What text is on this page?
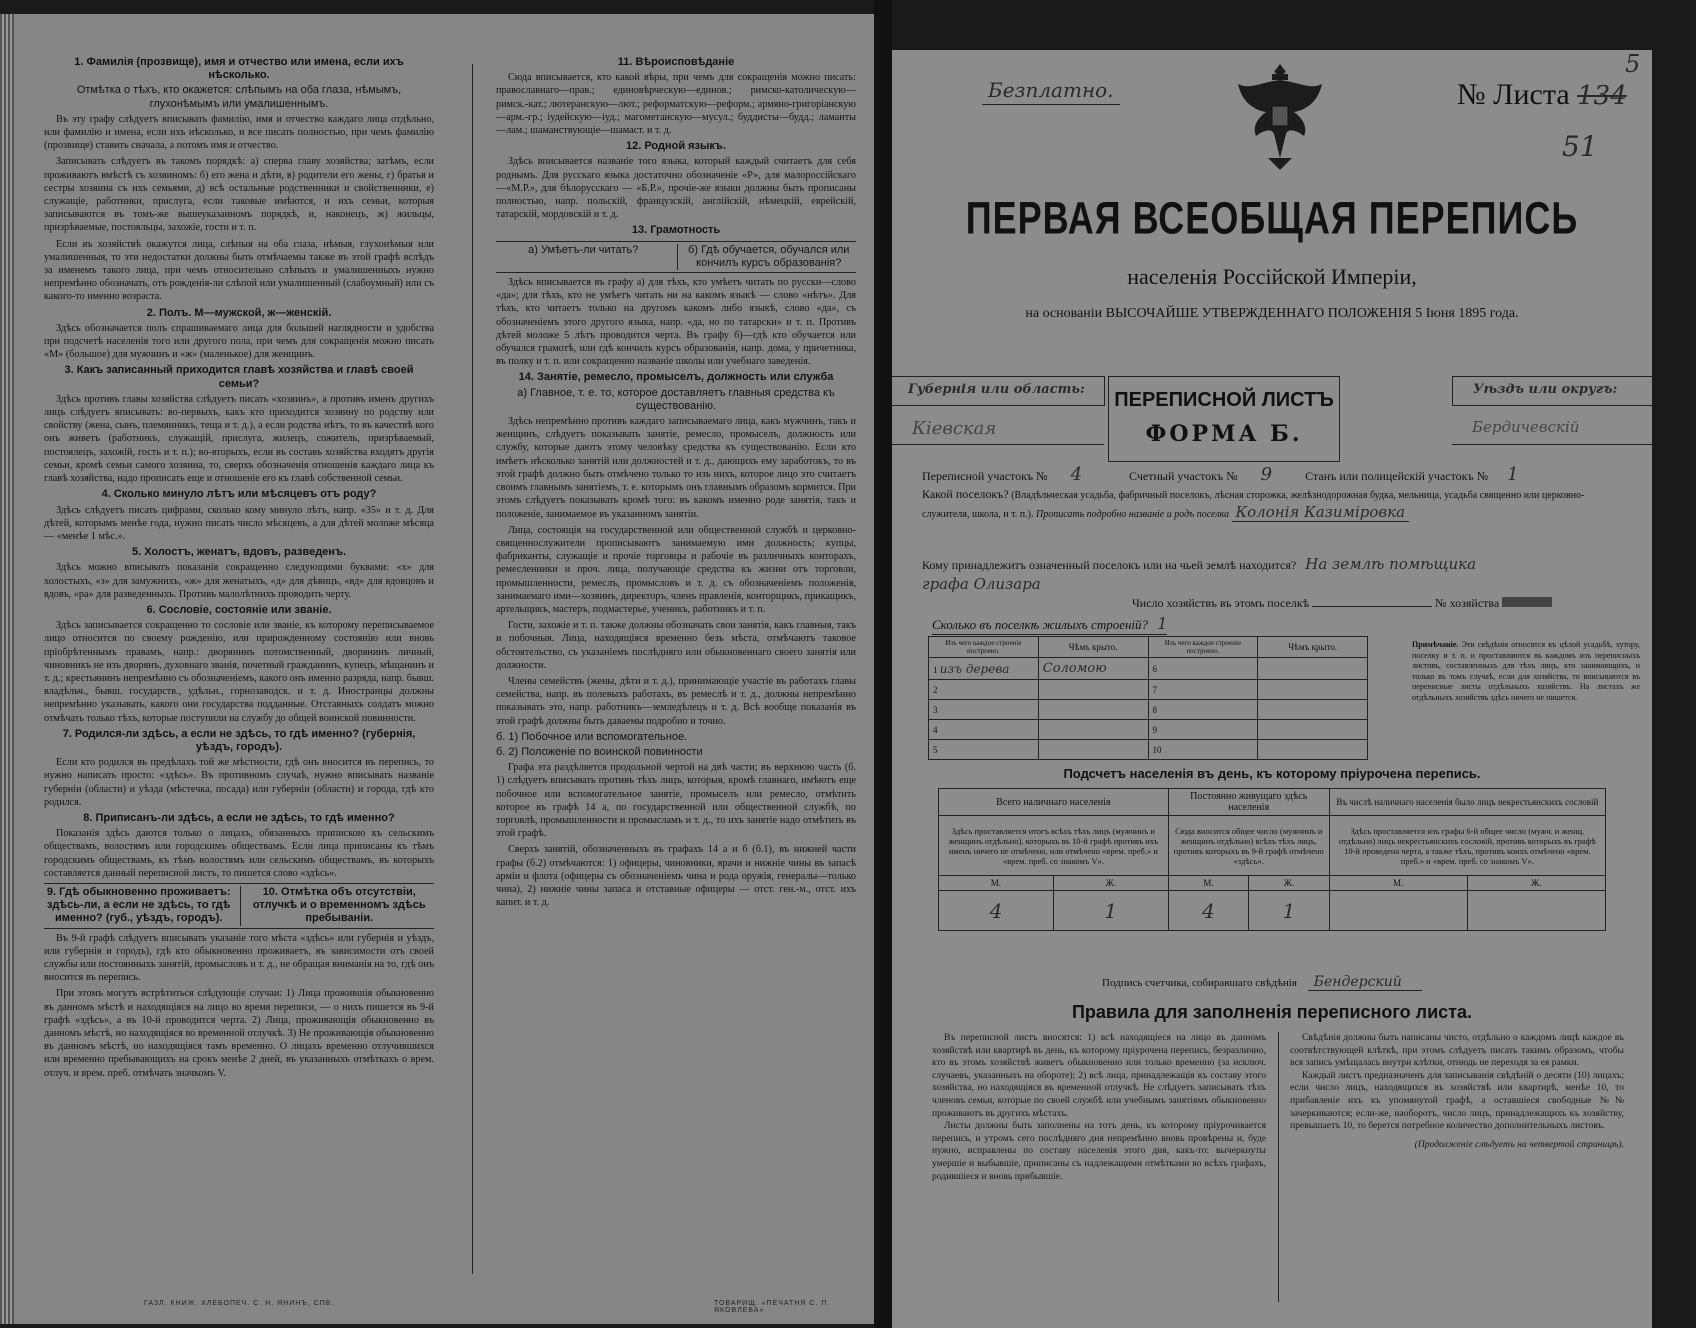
1. Фамилія (прозвище), имя и отчество или имена, если ихъ нѣсколько.
Отмѣтка о тѣхъ, кто окажется: слѣпымъ на оба глаза, нѣмымъ, глухонѣмымъ или умалишеннымъ.

Въ эту графу слѣдуетъ вписывать фамилію, имя и отчество каждаго лица отдѣльно, или фамилію и имена, если ихъ нѣсколько, и все писать полностью, при чемъ фамилію (прозвище) ставить сначала, а потомъ имя и отчество.

Записывать слѣдуетъ въ такомъ порядкѣ: а) сперва главу хозяйства; затѣмъ, если проживаютъ вмѣстѣ съ хозяиномъ: б) его жена и дѣти, в) родители его жены, г) братья и сестры хозяина съ ихъ семьями, д) всѣ остальные родственники и свойственники, е) служащіе, работники, прислуга, если таковые имѣются, и ихъ семьи, которыя записываются въ томъ-же вышеуказанномъ порядкѣ, и, наконецъ, ж) жильцы, призрѣваемые, постояльцы, захожіе, гости и т. п.

Если въ хозяйствѣ окажутся лица, слѣпыя на оба глаза, нѣмыя, глухонѣмыя или умалишенныя, то эти недостатки должны быть отмѣчаемы также въ этой графѣ вслѣдъ за именемъ такого лица, при чемъ относительно слѣпыхъ и умалишенныхъ нужно непремѣнно обозначать, отъ рожденія-ли слѣпой или умалишенный (слабоумный) или съ какого-то именно возраста.

2. Полъ. М—мужской, ж—женскій.

Здѣсь обозначается полъ спрашиваемаго лица для большей наглядности и удобства при подсчетѣ населенія того или другого пола, при чемъ для сокращенія можно писать «М» (большое) для мужчинъ и «ж» (маленькое) для женщинъ.

3. Какъ записанный приходится главѣ хозяйства и главѣ своей семьи?

Здѣсь противъ главы хозяйства слѣдуетъ писать «хозяинъ», а противъ именъ другихъ лицъ слѣдуетъ вписывать: во-первыхъ, какъ кто приходится хозяину по родству или свойству (жена, сынъ, племянникъ, теща и т. д.), а если родства нѣтъ, то въ качествѣ кого онъ живетъ (работникъ, служащій, прислуга, жилецъ, сожитель, призрѣваемый, постоялецъ, захожій, гость и т. п.); во-вторыхъ, если въ составъ хозяйства входятъ другія семьи, кромѣ семьи самого хозяина, то, сверхъ обозначенія отношенія каждаго лица къ главѣ хозяйства, надо прописать еще и отношеніе его къ главѣ собственной семьи.

4. Сколько минуло лѣтъ или мѣсяцевъ отъ роду?

Здѣсь слѣдуетъ писать цифрами, сколько кому минуло лѣтъ, напр. «35» и т. д. Для дѣтей, которымъ менѣе года, нужно писать число мѣсяцевъ, а для дѣтей моложе мѣсяца — «менѣе 1 мѣс.».

5. Холостъ, женатъ, вдовъ, разведенъ.

Здѣсь можно вписывать показанія сокращенно следующими буквами: «х» для холостыхъ, «з» для замужнихъ, «ж» для женатыхъ, «д» для дѣвицъ, «вд» для вдовцовъ и вдовъ, «ра» для разведенныхъ. Противъ малолѣтнихъ проводить черту.

6. Сословіе, состояніе или званіе.

Здѣсь записывается сокращенно то сословіе или званіе, къ которому переписываемое лицо относится по своему рожденію, или прирожденному состоянію или вновь пріобрѣтеннымъ правамъ, напр.: дворянинъ потомственный, дворянинъ личный, чиновникъ не изъ дворянъ, духовнаго званія, почетный гражданинъ, купецъ, мѣщанинъ и т. д.; крестьянинъ непремѣнно съ обозначеніемъ, какого онъ именно разряда, напр. бывш. владѣльч., бывш. государств., удѣльн., горнозаводск. и т. д. Иностранцы должны непремѣнно указывать, какого они государства подданные. Отставныхъ солдатъ можно отмѣчать только тѣхъ, которые поступили на службу до общей воинской повинности.

7. Родился-ли здѣсь, а если не здѣсь, то гдѣ именно? (губернія, уѣздъ, городъ).

Если кто родился въ предѣлахъ той же мѣстности, гдѣ онъ вносится въ перепись, то нужно написать просто: «здѣсь». Въ противномъ случаѣ, нужно вписывать названіе губерніи (области) и уѣзда (мѣстечка, посада) или губерніи (области) и города, гдѣ кто родился.

8. Приписанъ-ли здѣсь, а если не здѣсь, то гдѣ именно?

Показанія здѣсь даются только о лицахъ, обязанныхъ припискою къ сельскимъ обществамъ, волостямъ или городскимъ обществамъ. Если лица приписаны къ тѣмъ городскимъ обществамъ, къ тѣмъ волостямъ или сельскимъ обществамъ, въ которыхъ составляется данный переписной листъ, то пишется слово «здѣсь».

9. Гдѣ обыкновенно проживаетъ: здѣсь-ли, а если не здѣсь, то гдѣ именно? (губ., уѣздъ, городъ).
10. Отмѣтка объ отсутствіи, отлучкѣ и о временномъ здѣсь пребываніи.

Въ 9-й графѣ слѣдуетъ вписывать указаніе того мѣста «здѣсь» или губернія и уѣздъ, или губернія и городъ), гдѣ кто обыкновенно проживаетъ, въ зависимости отъ своей службы или постоянныхъ занятій, промысловъ и т. д., не обращая вниманія на то, гдѣ онъ вносится въ перепись.

При этомъ могутъ встрѣтиться слѣдующіе случаи: 1) Лица прожившія обыкновенно въ данномъ мѣстѣ и находящіяся на лицо во время переписи, — о нихъ пишется въ 9-й графѣ «здѣсь», а въ 10-й проводится черта. 2) Лица, проживающія обыкновенно въ данномъ мѣстѣ, но находящіяся во временной отлучкѣ. 3) Не проживающія обыкновенно въ данномъ мѣстѣ, но находящіяся тамъ временно. О лицахъ временно отлучившихся или временно пребывающихъ на срокъ менѣе 2 дней, въ указанныхъ отмѣткахъ о врем. отлуч. и врем. преб. отмѣчать значкомъ V.

11. Вѣроисповѣданіе

Сюда вписывается, кто какой вѣры, при чемъ для сокращенія можно писать: православнаго—прав.; единовѣрческую—единов.; римско-католическую—римск.-кат.; лютеранскую—лют.; реформатскую—реформ.; армяно-григоріанскую—арм.-гр.; іудейскую—іуд.; магометанскую—мусул.; буддисты—будд.; ламаиты—лам.; шаманствующіе—шамаст. и т. д.

12. Родной языкъ.

Здѣсь вписывается названіе того языка, который каждый считаетъ для себя роднымъ. Для русскаго языка достаточно обозначеніе «Р», для малороссійскаго—«М.Р.», для бѣлорусскаго — «Б.Р.», прочіе-же языки должны быть прописаны полностью, напр. польскій, французскій, англійскій, нѣмецкій, еврейскій, татарскій, мордовскій и т. д.

13. Грамотность
а) Умѣетъ-ли читать?	б) Гдѣ обучается, обучался или кончилъ курсъ образованія?

Здѣсь вписывается въ графу а) для тѣхъ, кто умѣетъ читать по русски—слово «да»; для тѣхъ, кто не умѣетъ читать ни на какомъ языкѣ — слово «нѣтъ». Для тѣхъ, кто читаетъ только на другомъ какомъ либо языкѣ, слово «да», съ обозначеніемъ этого другого языка, напр. «да, но по татарски» и т. п. Противъ дѣтей моложе 5 лѣтъ проводится черта. Въ графу б)—гдѣ кто обучается или обучался грамотѣ, или гдѣ кончилъ курсъ образованія, напр. дома, у причетника, въ полку и т. п. или сокращенно названіе школы или учебнаго заведенія.

14. Занятіе, ремесло, промыселъ, должность или служба
а) Главное, т. е. то, которое доставляетъ главныя средства къ существованію.

Здѣсь непремѣнно противъ каждаго записываемаго лица, какъ мужчинъ, такъ и женщинъ, слѣдуетъ показывать занятіе, ремесло, промыселъ, должность или службу, которые даютъ этому человѣку средства къ существованію. Если кто имѣетъ нѣсколько занятій или должностей и т. д., дающихъ ему заработокъ, то въ этой графѣ должно быть отмѣчено только то изъ нихъ, которое лицо это считаетъ своимъ главнымъ занятіемъ, т. е. которымъ онъ главнымъ образомъ кормится. При этомъ слѣдуетъ показывать кромѣ того: въ какомъ именно роде занятія, такъ и положеніе, занимаемое въ указанномъ занятіи.

Лица, состоящія на государственной или общественной службѣ и церковно-священнослужители прописываютъ занимаемую ими должность; купцы, фабриканты, служащіе и прочіе торговцы и рабочіе въ различныхъ конторахъ, ремесленники и проч. лица, получающіе средства къ жизни отъ торговли, промышленности, ремеслъ, промысловъ и т. д. съ обозначеніемъ положенія, занимаемаго ими—хозяинъ, директоръ, членъ правленія, конторщикъ, прикащикъ, артельщикъ, мастеръ, подмастерье, ученикъ, работникъ и т. п.

Гости, захожіе и т. п. также должны обозначать свои занятія, какъ главныя, такъ и побочныя. Лица, находящіяся временно безъ мѣста, отмѣчаютъ таковое обстоятельство, съ указаніемъ послѣдняго или обыкновеннаго своего занятія или должности.

Члены семействъ (жены, дѣти и т. д.), принимающіе участіе въ работахъ главы семейства, напр. въ полевыхъ работахъ, въ ремеслѣ и т. д., должны непремѣнно показывать это, напр. работникъ—земледѣлецъ и т. д. Всѣ вообще показанія въ этой графѣ должны быть даваемы подробно и точно.

б. 1) Побочное или вспомогательное.
б. 2) Положеніе по воинской повинности

Графа эта раздѣляется продольной чертой на двѣ части; въ верхнюю часть (б. 1) слѣдуетъ вписывать противъ тѣхъ лицъ, которыя, кромѣ главнаго, имѣютъ еще побочное или вспомогательное занятіе, промыселъ или ремесло, отмѣтить которое въ графѣ 14 а, по государственной или общественной службѣ, по торговлѣ, промышленности и промысламъ и т. д., то ихъ занятіе надо отмѣтить въ этой графѣ.

Сверхъ занятій, обозначенныхъ въ графахъ 14 а и б (б.1), въ нижней части графы (б.2) отмѣчаются: 1) офицеры, чиновники, врачи и нижніе чины въ запасѣ арміи и флота (офицеры съ обозначеніемъ чина и рода оружія, генералы—только чина), 2) нижніе чины запаса и отставные офицеры — отст. ген.-м., отст. ихъ капит. и т. д.

ГАЗЛ. КНИЖ. ХЛЕБОПЕЧ. С. Н. ЯНИНЪ, СПБ.	ТОВАРИЩ. «ПЕЧАТНЯ С. П. ЯКОВЛЕВА»
Безплатно.	№ Листа 134
5
51
ПЕРВАЯ ВСЕОБЩАЯ ПЕРЕПИСЬ
населенія Россійской Имперіи,
на основаніи ВЫСОЧАЙШЕ УТВЕРЖДЕННАГО ПОЛОЖЕНІЯ 5 Іюня 1895 года.
Губернія или область:
Кіевская
ПЕРЕПИСНОЙ ЛИСТЪ
ФОРМА Б.
Уѣздъ или округъ:
Бердичевскій
Переписной участокъ № 4	Счетный участокъ № 9	Станъ или полицейскій участокъ № 1
Какой поселокъ? (Владѣльческая усадьба, фабричный поселокъ, лѣсная сторожка, желѣзнодорожная будка, мельница, усадьба священно или церковно-служителя, школа, и т. п.). Прописать подробно названіе и родъ поселка Колонія Казиміровка
Кому принадлежитъ означенный поселокъ или на чьей землѣ находится? На землѣ помѣщика
графа Олизара
Число хозяйствъ въ этомъ поселкѣ	№ хозяйства
Сколько въ поселкѣ жилыхъ строеній? 1
Изъ чего каждое строеніе построено.	Чѣмъ крыто.	Изъ чего каждое строеніе построено.	Чѣмъ крыто.
1 изъ дерева	Соломою	6	
2		7	
3		8	
4		9	
5		10	
Примѣчаніе. Эти свѣдѣнія относятся къ цѣлой усадьбѣ, хутору, поселку и т. п. и проставляются въ каждомъ изъ переписныхъ листовъ, составленныхъ для тѣхъ лицъ, кто занимающихъ, и только въ томъ случаѣ, если для хозяйства, то вписываются въ переписные листы отдѣльныхъ хозяйствъ. На листахъ же отдѣльныхъ хозяйствъ здѣсь ничего не пишется.
Подсчетъ населенія въ день, къ которому пріурочена перепись.
Всего наличнаго населенія		Постоянно живущаго здѣсь населенія		Въ числѣ наличнаго населенія было лицъ некрестьянскихъ сословій	
Здѣсь проставляется итогъ всѣхъ тѣхъ лицъ (мужчинъ и женщинъ отдѣльно), которыхъ въ 10-й графѣ противъ ихъ именъ ничего не отмѣчено, или отмѣчено «врем. преб.» и «врем. преб. со знакомъ V».		Сюда вносится общее число (мужчинъ и женщинъ отдѣльно) всѣхъ тѣхъ лицъ, противъ которыхъ въ 9-й графѣ отмѣчено «здѣсь».		Здѣсь проставляется изъ графы 6-й общее число (мужч. и женщ. отдѣльно) лицъ некрестьянскихъ сословій, противъ которыхъ въ графѣ 10-й проведена черта, а также тѣхъ, противъ коихъ отмѣчено «врем. преб.» и «врем. преб. со знакомъ V».	
М.	Ж.	М.	Ж.	М.	Ж.
4	1	4	1		
Подпись счетчика, собиравшаго свѣдѣнія Бендерский
Правила для заполненія переписного листа.

Въ переписной листъ вносятся: 1) всѣ находящіеся на лицо въ данномъ хозяйствѣ или квартирѣ въ день, къ которому пріурочена перепись, безразлично, кто въ этомъ хозяйствѣ живетъ обыкновенно или только временно (за исключ. случаевъ, указанныхъ на обороте); 2) всѣ лица, принадлежащія къ составу этого хозяйства, но находящіяся въ временной отлучкѣ. Не слѣдуетъ записывать тѣхъ членовъ семьи, которые по своей службѣ или учебнымъ занятіямъ обыкновенно проживаютъ въ другихъ мѣстахъ.

Листы должны быть заполнены на тотъ день, къ которому пріурочивается перепись, и утромъ сего послѣдняго дня непремѣнно вновь провѣрены и, буде нужно, исправлены по составу населенія этого дня, какъ-то: вычеркнуты умершіе и выбывшіе, приписаны съ надлежащими отмѣтками во всѣхъ графахъ, родившіеся и вновь прибывшіе.

Свѣдѣнія должны быть написаны чисто, отдѣльно о каждомъ лицѣ каждое въ соотвѣтствующей клѣткѣ, при этомъ слѣдуетъ писать такимъ образомъ, чтобы вся запись умѣщалась внутри клѣтки, отнюдь не переходя за ея рамки.

Каждый листъ предназначенъ для записыванія свѣдѣній о десяти (10) лицахъ; если число лицъ, находящихся въ хозяйствѣ или квартирѣ, менѣе 10, то прибавленіе ихъ къ упомянутой графѣ, а оставшіеся свободные №№ зачеркиваются; если-же, наоборотъ, число лицъ, принадлежащихъ къ хозяйству, превышаетъ 10, то берется потребное количество дополнительныхъ листовъ.

(Продолженіе слѣдуетъ на четвертой страницѣ).
